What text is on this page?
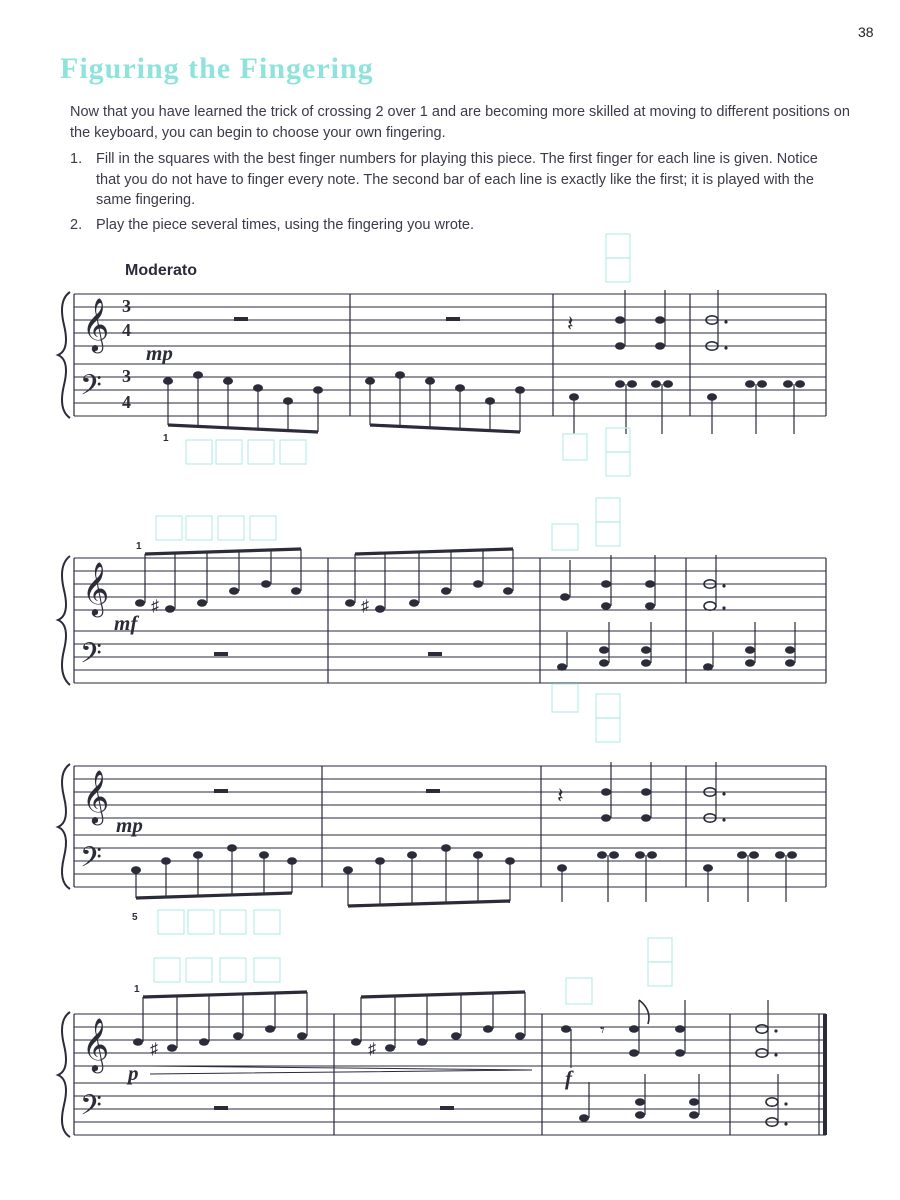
38
Figuring the Fingering

Now that you have learned the trick of crossing 2 over 1 and are becoming more skilled at moving to different positions on the keyboard, you can begin to choose your own fingering.

1. Fill in the squares with the best finger numbers for playing this piece. The first finger for each line is given. Notice that you do not have to finger every note. The second bar of each line is exactly like the first; it is played with the same fingering.
2. Play the piece several times, using the fingering you wrote.
Moderato
𝄞
𝄢
3
4
3
4
mp
1
𝄽
𝄞
𝄢
mf
1
♯	♯
𝄞
𝄢
mp
5
𝄽
𝄞
𝄢
1
♯	♯
p	f
𝄾
